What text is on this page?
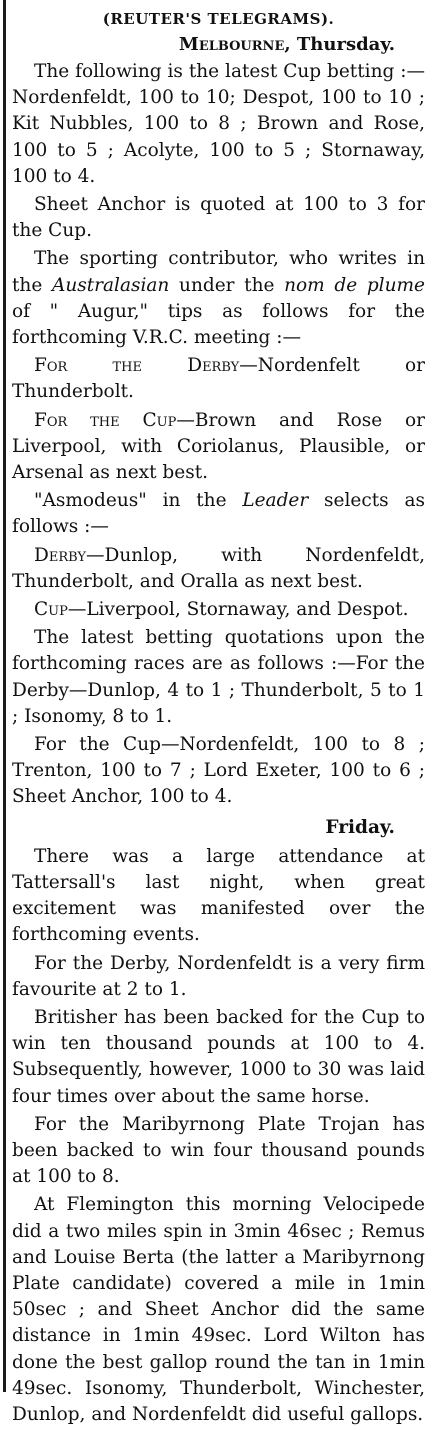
(REUTER'S TELEGRAMS).
Melbourne, Thursday.

The following is the latest Cup betting :—Nordenfeldt, 100 to 10; Despot, 100 to 10 ; Kit Nubbles, 100 to 8 ; Brown and Rose, 100 to 5 ; Acolyte, 100 to 5 ; Stornaway, 100 to 4.

Sheet Anchor is quoted at 100 to 3 for the Cup.

The sporting contributor, who writes in the Australasian under the nom de plume of " Augur," tips as follows for the forthcoming V.R.C. meeting :—

For the Derby—Nordenfelt or Thunderbolt.

For the Cup—Brown and Rose or Liverpool, with Coriolanus, Plausible, or Arsenal as next best.

"Asmodeus" in the Leader selects as follows :—

Derby—Dunlop, with Nordenfeldt, Thunderbolt, and Oralla as next best.

Cup—Liverpool, Stornaway, and Despot.

The latest betting quotations upon the forthcoming races are as follows :—For the Derby—Dunlop, 4 to 1 ; Thunderbolt, 5 to 1 ; Isonomy, 8 to 1.

For the Cup—Nordenfeldt, 100 to 8 ; Trenton, 100 to 7 ; Lord Exeter, 100 to 6 ; Sheet Anchor, 100 to 4.

Friday.

There was a large attendance at Tattersall's last night, when great excitement was manifested over the forthcoming events.

For the Derby, Nordenfeldt is a very firm favourite at 2 to 1.

Britisher has been backed for the Cup to win ten thousand pounds at 100 to 4. Subsequently, however, 1000 to 30 was laid four times over about the same horse.

For the Maribyrnong Plate Trojan has been backed to win four thousand pounds at 100 to 8.

At Flemington this morning Velocipede did a two miles spin in 3min 46sec ; Remus and Louise Berta (the latter a Maribyrnong Plate candidate) covered a mile in 1min 50sec ; and Sheet Anchor did the same distance in 1min 49sec. Lord Wilton has done the best gallop round the tan in 1min 49sec. Isonomy, Thunderbolt, Winchester, Dunlop, and Nordenfeldt did useful gallops.
